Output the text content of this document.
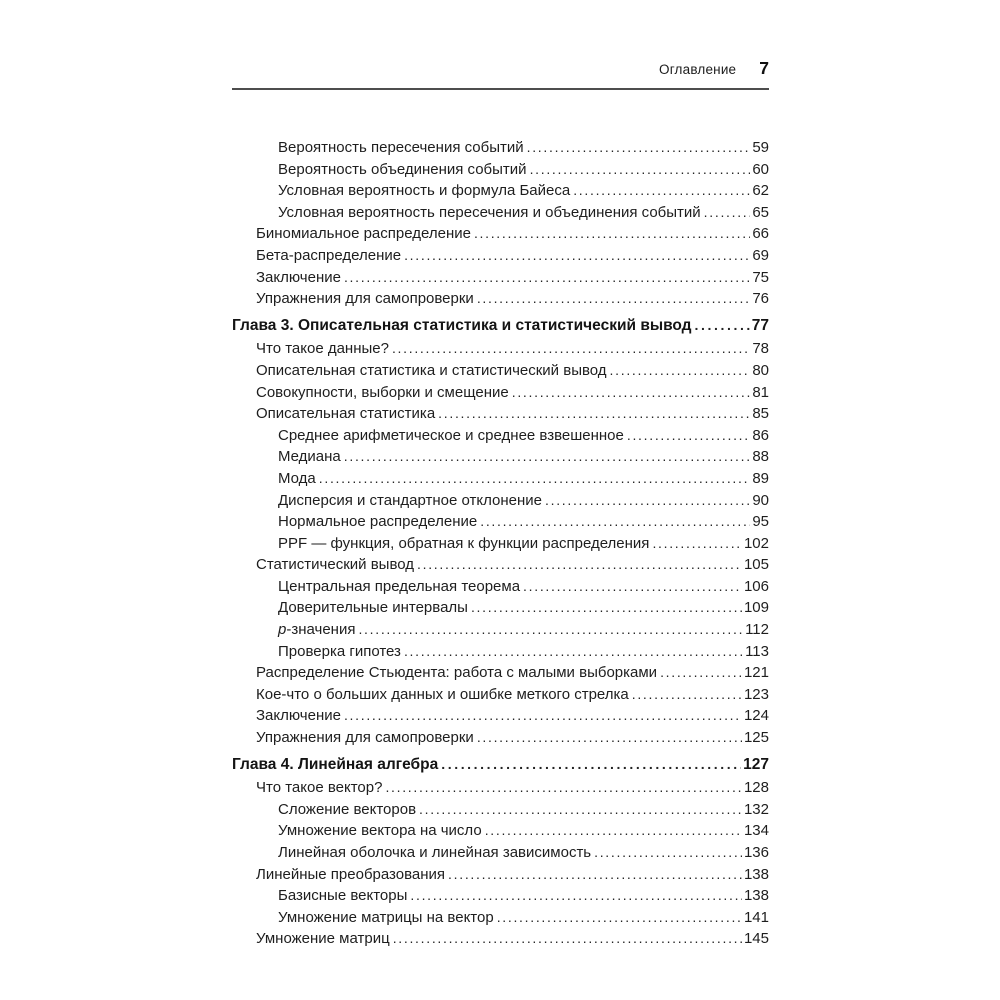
Оглавление 7
Вероятность пересечения событий .....	59
Вероятность объединения событий .....	60
Условная вероятность и формула Байеса .....	62
Условная вероятность пересечения и объединения событий .....	65
Биномиальное распределение .....	66
Бета-распределение .....	69
Заключение .....	75
Упражнения для самопроверки .....	76
Глава 3. Описательная статистика и статистический вывод .....	77
Что такое данные? .....	78
Описательная статистика и статистический вывод .....	80
Совокупности, выборки и смещение .....	81
Описательная статистика .....	85
Среднее арифметическое и среднее взвешенное .....	86
Медиана .....	88
Мода .....	89
Дисперсия и стандартное отклонение .....	90
Нормальное распределение .....	95
PPF — функция, обратная к функции распределения .....	102
Статистический вывод .....	105
Центральная предельная теорема .....	106
Доверительные интервалы .....	109
p-значения .....	112
Проверка гипотез .....	113
Распределение Стьюдента: работа с малыми выборками .....	121
Кое-что о больших данных и ошибке меткого стрелка .....	123
Заключение .....	124
Упражнения для самопроверки .....	125
Глава 4. Линейная алгебра .....	127
Что такое вектор? .....	128
Сложение векторов .....	132
Умножение вектора на число .....	134
Линейная оболочка и линейная зависимость .....	136
Линейные преобразования .....	138
Базисные векторы .....	138
Умножение матрицы на вектор .....	141
Умножение матриц .....	145
